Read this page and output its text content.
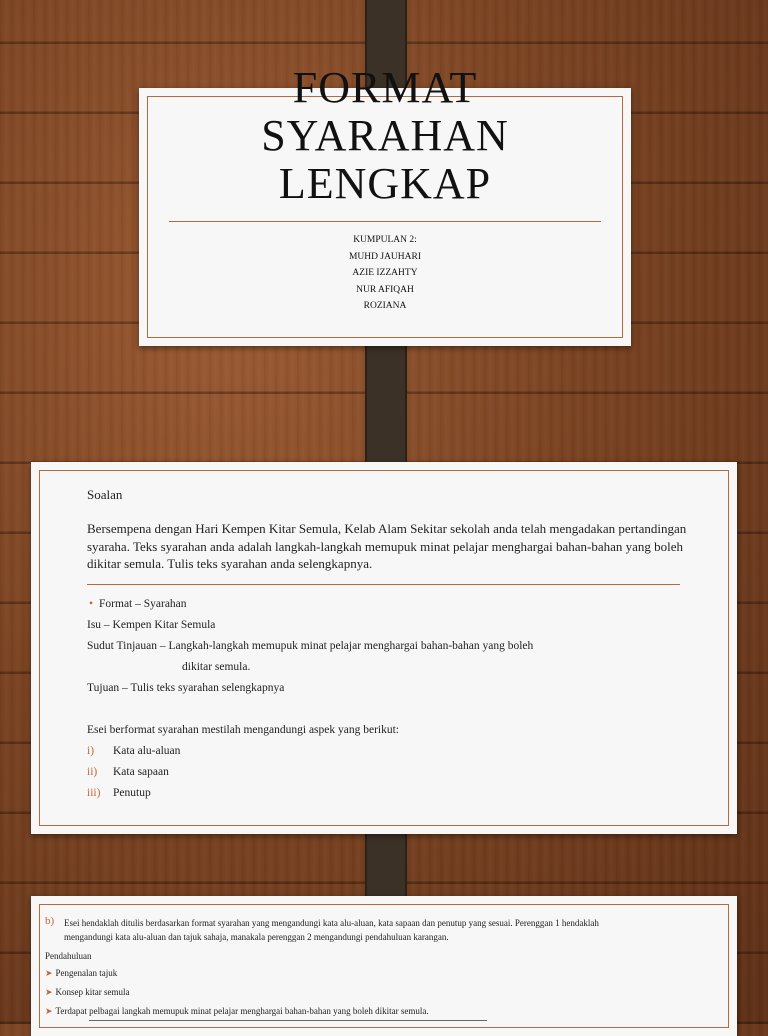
FORMAT
SYARAHAN
LENGKAP
KUMPULAN 2:
MUHD JAUHARI
AZIE IZZAHTY
NUR AFIQAH
ROZIANA
Soalan
Bersempena dengan Hari Kempen Kitar Semula, Kelab Alam Sekitar sekolah anda telah mengadakan pertandingan syaraha. Teks syarahan anda adalah langkah-langkah memupuk minat pelajar menghargai bahan-bahan yang boleh dikitar semula. Tulis teks syarahan anda selengkapnya.
• Format – Syarahan
Isu – Kempen Kitar Semula
Sudut Tinjauan – Langkah-langkah memupuk minat pelajar menghargai bahan-bahan yang boleh
dikitar semula.
Tujuan – Tulis teks syarahan selengkapnya
Esei berformat syarahan mestilah mengandungi aspek yang berikut:
i) Kata alu-aluan
ii) Kata sapaan
iii) Penutup
b) Esei hendaklah ditulis berdasarkan format syarahan yang mengandungi kata alu-aluan, kata sapaan dan penutup yang sesuai. Perenggan 1 hendaklah
mengandungi kata alu-aluan dan tajuk sahaja, manakala perenggan 2 mengandungi pendahuluan karangan.
Pendahuluan
➤ Pengenalan tajuk
➤ Konsep kitar semula
➤ Terdapat pelbagai langkah memupuk minat pelajar menghargai bahan-bahan yang boleh dikitar semula.
